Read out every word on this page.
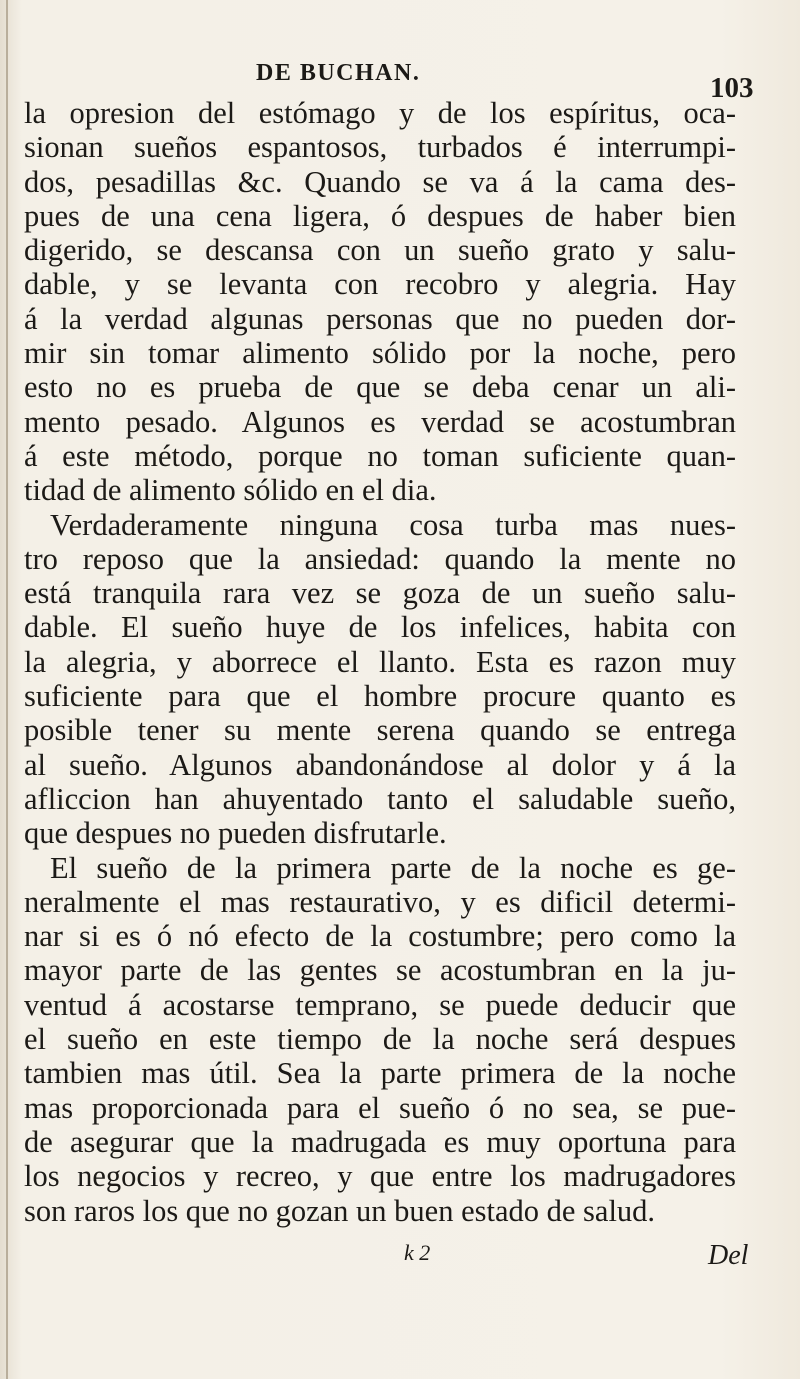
DE BUCHAN.	103
la opresion del estómago y de los espíritus, oca-
sionan sueños espantosos, turbados é interrumpi-
dos, pesadillas &c. Quando se va á la cama des-
pues de una cena ligera, ó despues de haber bien
digerido, se descansa con un sueño grato y salu-
dable, y se levanta con recobro y alegria. Hay
á la verdad algunas personas que no pueden dor-
mir sin tomar alimento sólido por la noche, pero
esto no es prueba de que se deba cenar un ali-
mento pesado. Algunos es verdad se acostumbran
á este método, porque no toman suficiente quan-
tidad de alimento sólido en el dia.
Verdaderamente ninguna cosa turba mas nues-
tro reposo que la ansiedad: quando la mente no
está tranquila rara vez se goza de un sueño salu-
dable. El sueño huye de los infelices, habita con
la alegria, y aborrece el llanto. Esta es razon muy
suficiente para que el hombre procure quanto es
posible tener su mente serena quando se entrega
al sueño. Algunos abandonándose al dolor y á la
afliccion han ahuyentado tanto el saludable sueño,
que despues no pueden disfrutarle.
El sueño de la primera parte de la noche es ge-
neralmente el mas restaurativo, y es dificil determi-
nar si es ó nó efecto de la costumbre; pero como la
mayor parte de las gentes se acostumbran en la ju-
ventud á acostarse temprano, se puede deducir que
el sueño en este tiempo de la noche será despues
tambien mas útil. Sea la parte primera de la noche
mas proporcionada para el sueño ó no sea, se pue-
de asegurar que la madrugada es muy oportuna para
los negocios y recreo, y que entre los madrugadores
son raros los que no gozan un buen estado de salud.
k 2	Del
